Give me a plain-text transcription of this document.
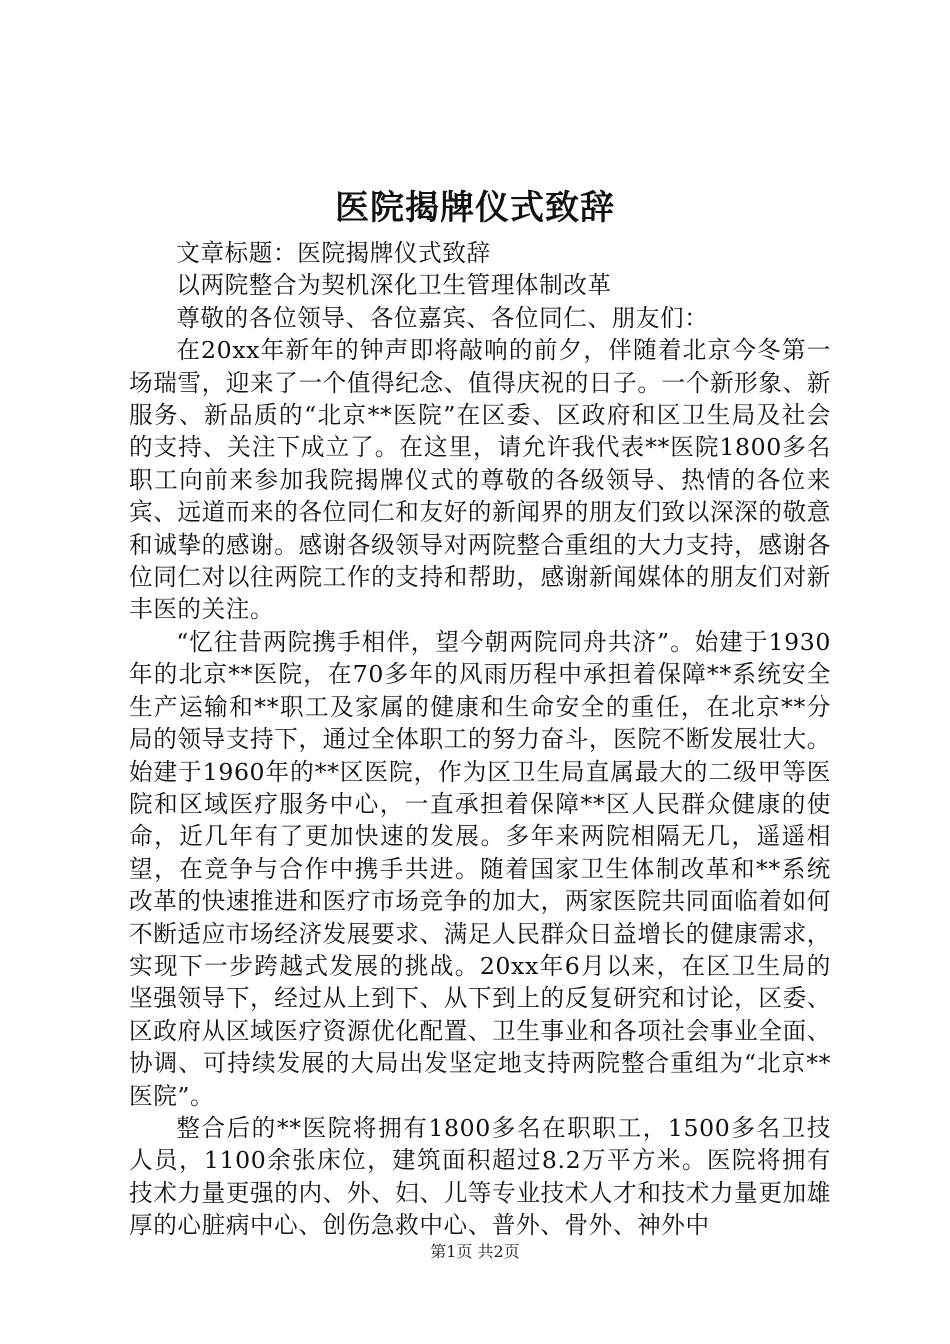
医院揭牌仪式致辞

文章标题：医院揭牌仪式致辞

以两院整合为契机深化卫生管理体制改革

尊敬的各位领导、各位嘉宾、各位同仁、朋友们：

在20xx年新年的钟声即将敲响的前夕，伴随着北京今冬第一场瑞雪，迎来了一个值得纪念、值得庆祝的日子。一个新形象、新服务、新品质的“北京**医院”在区委、区政府和区卫生局及社会的支持、关注下成立了。在这里，请允许我代表**医院1800多名职工向前来参加我院揭牌仪式的尊敬的各级领导、热情的各位来宾、远道而来的各位同仁和友好的新闻界的朋友们致以深深的敬意和诚挚的感谢。感谢各级领导对两院整合重组的大力支持，感谢各位同仁对以往两院工作的支持和帮助，感谢新闻媒体的朋友们对新丰医的关注。

“忆往昔两院携手相伴，望今朝两院同舟共济”。始建于1930年的北京**医院，在70多年的风雨历程中承担着保障**系统安全生产运输和**职工及家属的健康和生命安全的重任，在北京**分局的领导支持下，通过全体职工的努力奋斗，医院不断发展壮大。始建于1960年的**区医院，作为区卫生局直属最大的二级甲等医院和区域医疗服务中心，一直承担着保障**区人民群众健康的使命，近几年有了更加快速的发展。多年来两院相隔无几，遥遥相望，在竞争与合作中携手共进。随着国家卫生体制改革和**系统改革的快速推进和医疗市场竞争的加大，两家医院共同面临着如何不断适应市场经济发展要求、满足人民群众日益增长的健康需求，实现下一步跨越式发展的挑战。20xx年6月以来，在区卫生局的坚强领导下，经过从上到下、从下到上的反复研究和讨论，区委、区政府从区域医疗资源优化配置、卫生事业和各项社会事业全面、协调、可持续发展的大局出发坚定地支持两院整合重组为“北京**医院”。

整合后的**医院将拥有1800多名在职职工，1500多名卫技人员，1100余张床位，建筑面积超过8.2万平方米。医院将拥有技术力量更强的内、外、妇、儿等专业技术人才和技术力量更加雄厚的心脏病中心、创伤急救中心、普外、骨外、神外中

第1页 共2页
